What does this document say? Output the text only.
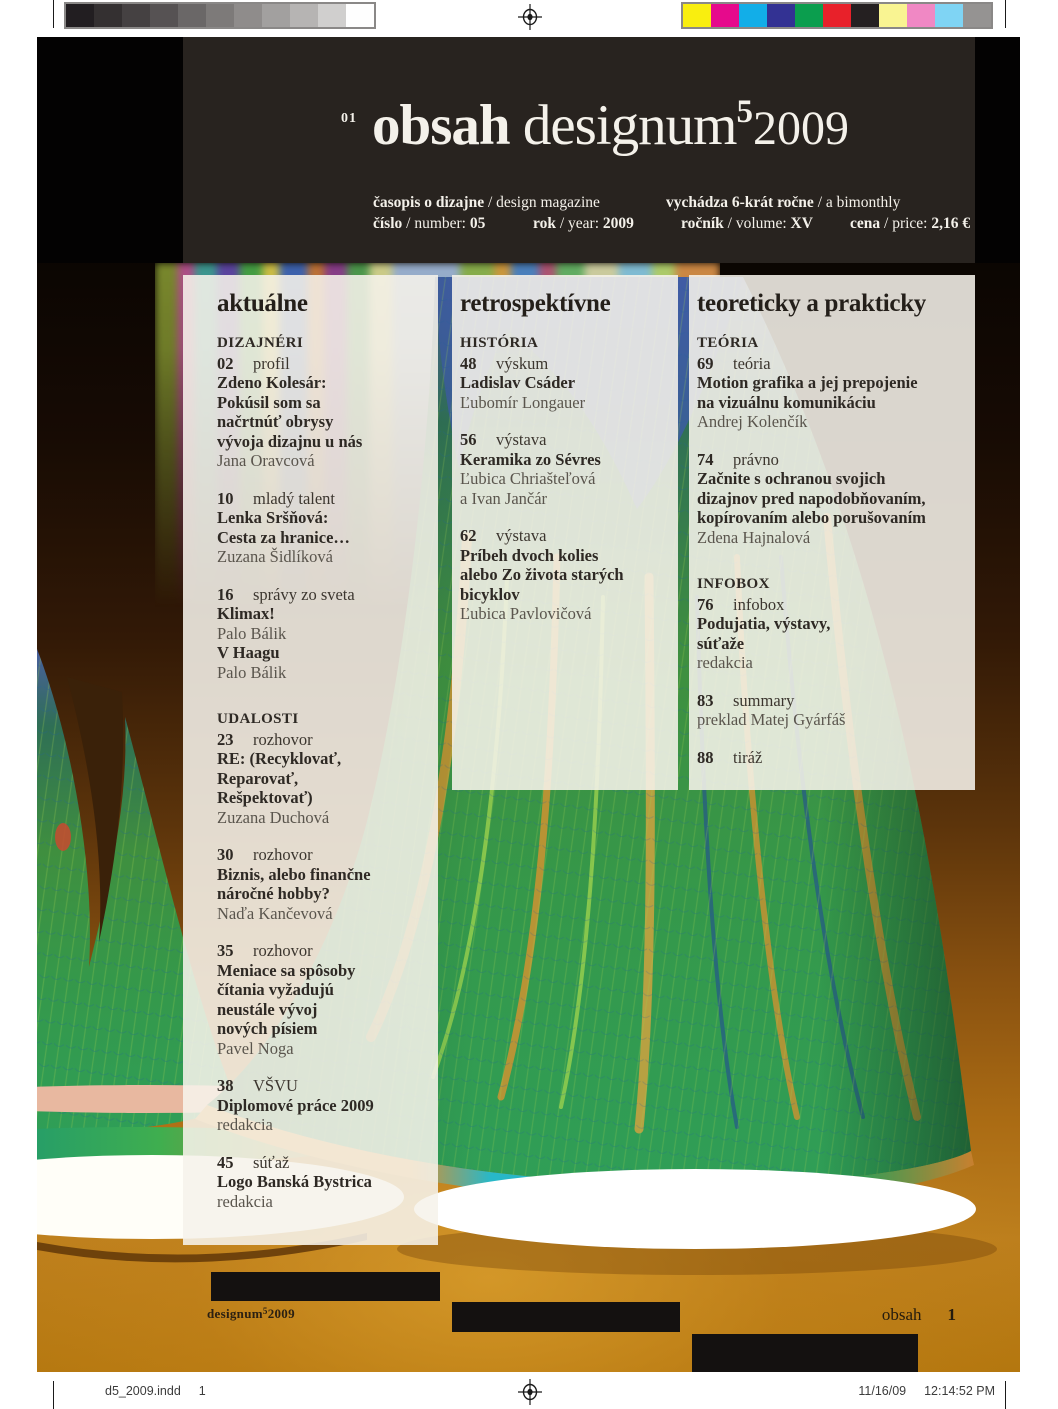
01 obsah designum52009
časopis o dizajne / design magazine	vychádza 6-krát ročne / a bimonthly
číslo / number: 05	rok / year: 2009	ročník / volume: XV cena / price: 2,16 €
aktuálne
DIZAJNÉRI
02 profil
Zdeno Kolesár:
Pokúsil som sa
načrtnúť obrysy
vývoja dizajnu u nás
Jana Oravcová
10 mladý talent
Lenka Sršňová:
Cesta za hranice…
Zuzana Šidlíková
16 správy zo sveta
Klimax!
Palo Bálik
V Haagu
Palo Bálik
UDALOSTI
23 rozhovor
RE: (Recyklovať,
Reparovať,
Rešpektovať)
Zuzana Duchová
30 rozhovor
Biznis, alebo finančne
náročné hobby?
Naďa Kančevová
35 rozhovor
Meniace sa spôsoby
čítania vyžadujú
neustále vývoj
nových písiem
Pavel Noga
38 VŠVU
Diplomové práce 2009
redakcia
45 súťaž
Logo Banská Bystrica
redakcia
retrospektívne
HISTÓRIA
48 výskum
Ladislav Csáder
Ľubomír Longauer
56 výstava
Keramika zo Sévres
Ľubica Chriašteľová
a Ivan Jančár
62 výstava
Príbeh dvoch kolies
alebo Zo života starých
bicyklov
Ľubica Pavlovičová
teoreticky a prakticky
TEÓRIA
69 teória
Motion grafika a jej prepojenie
na vizuálnu komunikáciu
Andrej Kolenčík
74 právno
Začnite s ochranou svojich
dizajnov pred napodobňovaním,
kopírovaním alebo porušovaním
Zdena Hajnalová
INFOBOX
76 infobox
Podujatia, výstavy,
súťaže
redakcia
83 summary
preklad Matej Gyárfáš
88 tiráž
designum$^5$2009	obsah 1
d5_2009.indd 1	11/16/09 12:14:52 PM
